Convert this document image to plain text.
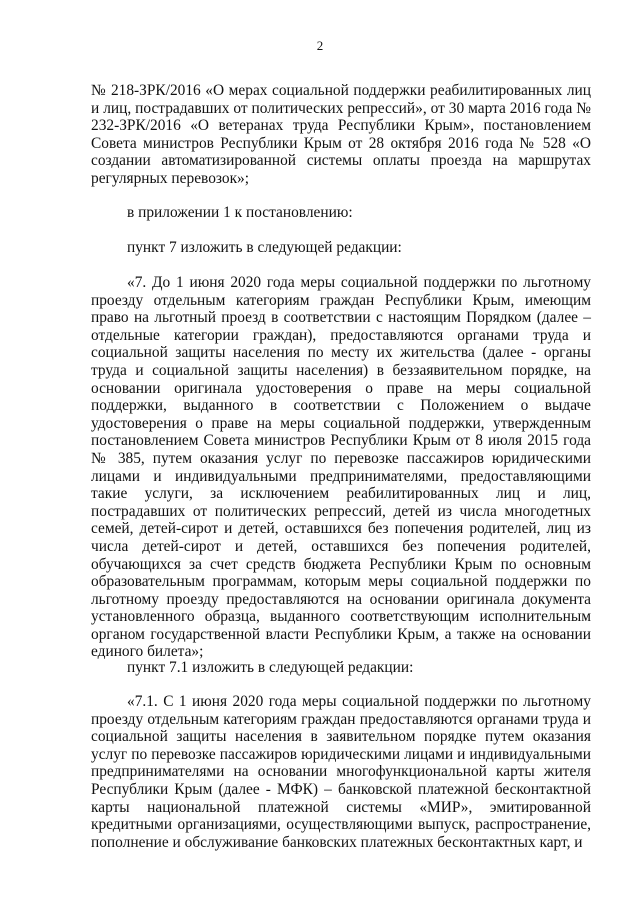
2

№ 218-ЗРК/2016 «О мерах социальной поддержки реабилитированных лиц и лиц, пострадавших от политических репрессий», от 30 марта 2016 года № 232-ЗРК/2016 «О ветеранах труда Республики Крым», постановлением Совета министров Республики Крым от 28 октября 2016 года № 528 «О создании автоматизированной системы оплаты проезда на маршрутах регулярных перевозок»;

в приложении 1 к постановлению:

пункт 7 изложить в следующей редакции:

«7. До 1 июня 2020 года меры социальной поддержки по льготному проезду отдельным категориям граждан Республики Крым, имеющим право на льготный проезд в соответствии с настоящим Порядком (далее – отдельные категории граждан), предоставляются органами труда и социальной защиты населения по месту их жительства (далее - органы труда и социальной защиты населения) в беззаявительном порядке, на основании оригинала удостоверения о праве на меры социальной поддержки, выданного в соответствии с Положением о выдаче удостоверения о праве на меры социальной поддержки, утвержденным постановлением Совета министров Республики Крым от 8 июля 2015 года № 385, путем оказания услуг по перевозке пассажиров юридическими лицами и индивидуальными предпринимателями, предоставляющими такие услуги, за исключением реабилитированных лиц и лиц, пострадавших от политических репрессий, детей из числа многодетных семей, детей-сирот и детей, оставшихся без попечения родителей, лиц из числа детей-сирот и детей, оставшихся без попечения родителей, обучающихся за счет средств бюджета Республики Крым по основным образовательным программам, которым меры социальной поддержки по льготному проезду предоставляются на основании оригинала документа установленного образца, выданного соответствующим исполнительным органом государственной власти Республики Крым, а также на основании единого билета»;

пункт 7.1 изложить в следующей редакции:

«7.1. С 1 июня 2020 года меры социальной поддержки по льготному проезду отдельным категориям граждан предоставляются органами труда и социальной защиты населения в заявительном порядке путем оказания услуг по перевозке пассажиров юридическими лицами и индивидуальными предпринимателями на основании многофункциональной карты жителя Республики Крым (далее - МФК) – банковской платежной бесконтактной карты национальной платежной системы «МИР», эмитированной кредитными организациями, осуществляющими выпуск, распространение, пополнение и обслуживание банковских платежных бесконтактных карт, и
